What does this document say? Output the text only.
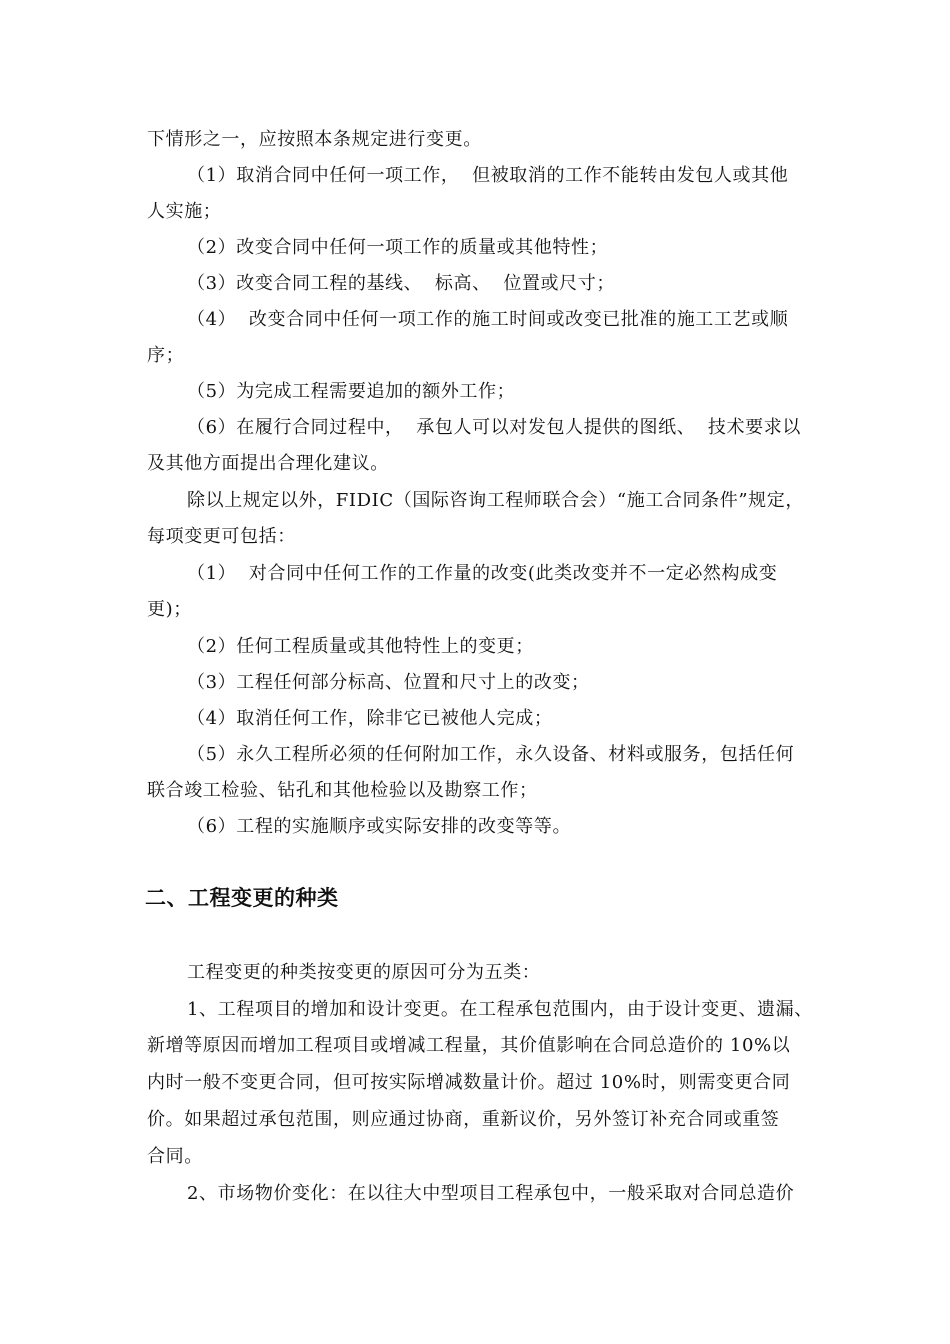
下情形之一，应按照本条规定进行变更。
（1）取消合同中任何一项工作，  但被取消的工作不能转由发包人或其他
人实施；
（2）改变合同中任何一项工作的质量或其他特性；
（3）改变合同工程的基线、  标高、  位置或尺寸；
（4）  改变合同中任何一项工作的施工时间或改变已批准的施工工艺或顺
序；
（5）为完成工程需要追加的额外工作；
（6）在履行合同过程中，  承包人可以对发包人提供的图纸、  技术要求以
及其他方面提出合理化建议。
除以上规定以外，FIDIC（国际咨询工程师联合会）“施工合同条件”规定，
每项变更可包括：
（1）  对合同中任何工作的工作量的改变(此类改变并不一定必然构成变
更)；
（2）任何工程质量或其他特性上的变更；
（3）工程任何部分标高、位置和尺寸上的改变；
（4）取消任何工作，除非它已被他人完成；
（5）永久工程所必须的任何附加工作，永久设备、材料或服务，包括任何
联合竣工检验、钻孔和其他检验以及勘察工作；
（6）工程的实施顺序或实际安排的改变等等。
二、工程变更的种类
工程变更的种类按变更的原因可分为五类：
1、工程项目的增加和设计变更。在工程承包范围内，由于设计变更、遗漏、
新增等原因而增加工程项目或增减工程量，其价值影响在合同总造价的 10%以
内时一般不变更合同，但可按实际增减数量计价。超过 10%时，则需变更合同
价。如果超过承包范围，则应通过协商，重新议价，另外签订补充合同或重签
合同。
2、市场物价变化：在以往大中型项目工程承包中，一般采取对合同总造价
